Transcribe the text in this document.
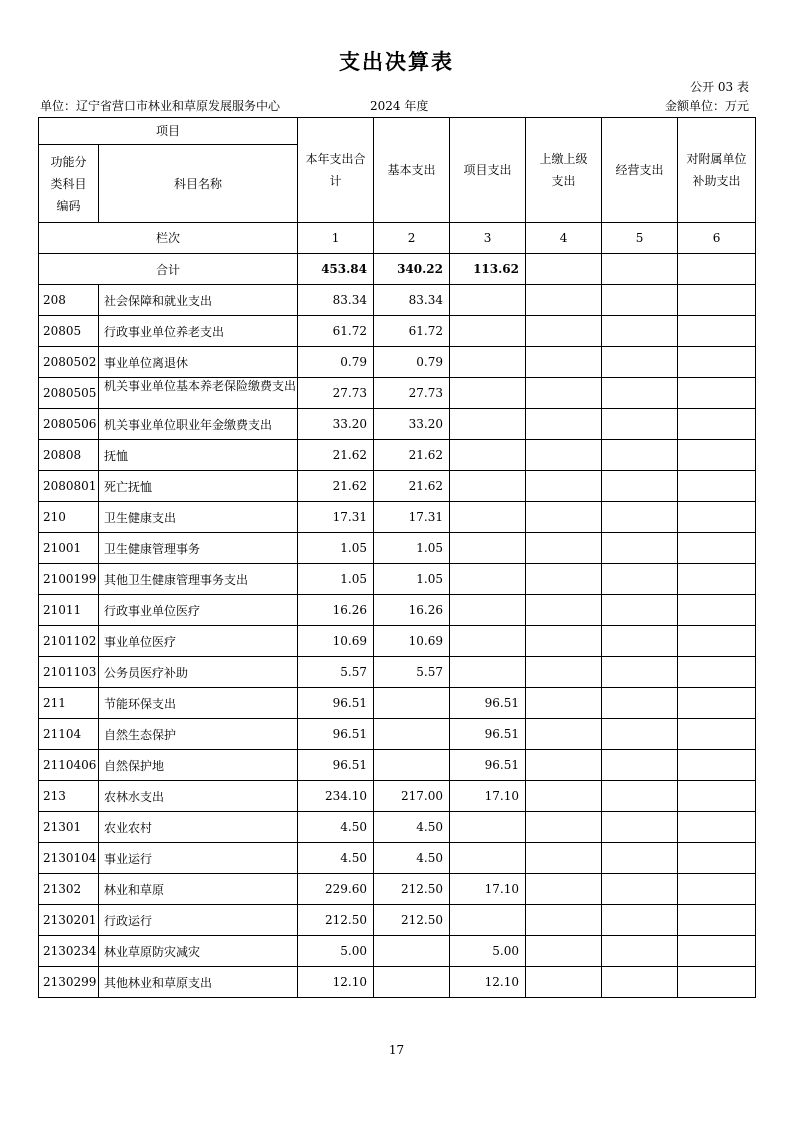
支出决算表
公开 03 表
单位：辽宁省营口市林业和草原发展服务中心	2024 年度	金额单位：万元
项目		本年支出合计	基本支出	项目支出	上缴上级支出	经营支出	对附属单位补助支出
功能分类科目编码	科目名称						
栏次		1	2	3	4	5	6
合计		453.84	340.22	113.62			
208	社会保障和就业支出	83.34	83.34				
20805	行政事业单位养老支出	61.72	61.72				
2080502	事业单位离退休	0.79	0.79				
2080505	机关事业单位基本养老保险缴费支出	27.73	27.73				
2080506	机关事业单位职业年金缴费支出	33.20	33.20				
20808	抚恤	21.62	21.62				
2080801	死亡抚恤	21.62	21.62				
210	卫生健康支出	17.31	17.31				
21001	卫生健康管理事务	1.05	1.05				
2100199	其他卫生健康管理事务支出	1.05	1.05				
21011	行政事业单位医疗	16.26	16.26				
2101102	事业单位医疗	10.69	10.69				
2101103	公务员医疗补助	5.57	5.57				
211	节能环保支出	96.51		96.51			
21104	自然生态保护	96.51		96.51			
2110406	自然保护地	96.51		96.51			
213	农林水支出	234.10	217.00	17.10			
21301	农业农村	4.50	4.50				
2130104	事业运行	4.50	4.50				
21302	林业和草原	229.60	212.50	17.10			
2130201	行政运行	212.50	212.50				
2130234	林业草原防灾减灾	5.00		5.00			
2130299	其他林业和草原支出	12.10		12.10			
17
